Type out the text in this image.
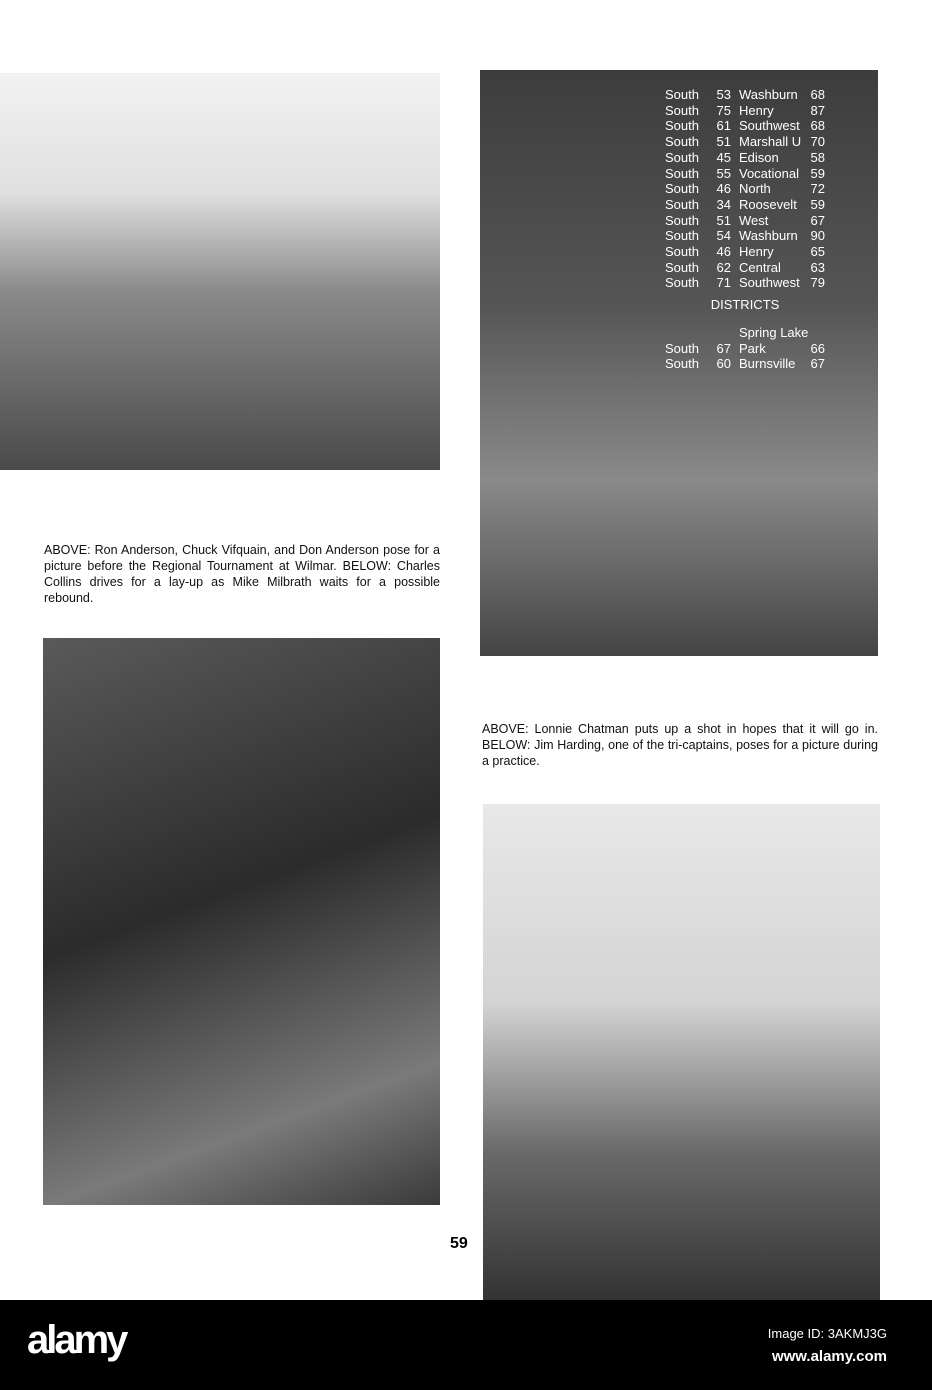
South	53 Washburn 68
South	75 Henry	87
South	61 Southwest 68
South	51 Marshall U 70
South	45 Edison	58
South	55 Vocational 59
South	46 North	72
South	34 Roosevelt	59
South	51 West	67
South	54 Washburn 90
South	46 Henry	65
South	62 Central	63
South	71 Southwest 79
DISTRICTS
Spring Lake
South	67 Park	66
South	60 Burnsville	67

ABOVE: Ron Anderson, Chuck Vifquain, and Don Anderson pose for a picture before the Regional Tournament at Wilmar. BELOW: Charles Collins drives for a lay-up as Mike Milbrath waits for a possible rebound.

ABOVE: Lonnie Chatman puts up a shot in hopes that it will go in. BELOW: Jim Harding, one of the tri-captains, poses for a picture during a practice.

59
alamy	Image ID: 3AKMJ3G
www.alamy.com
